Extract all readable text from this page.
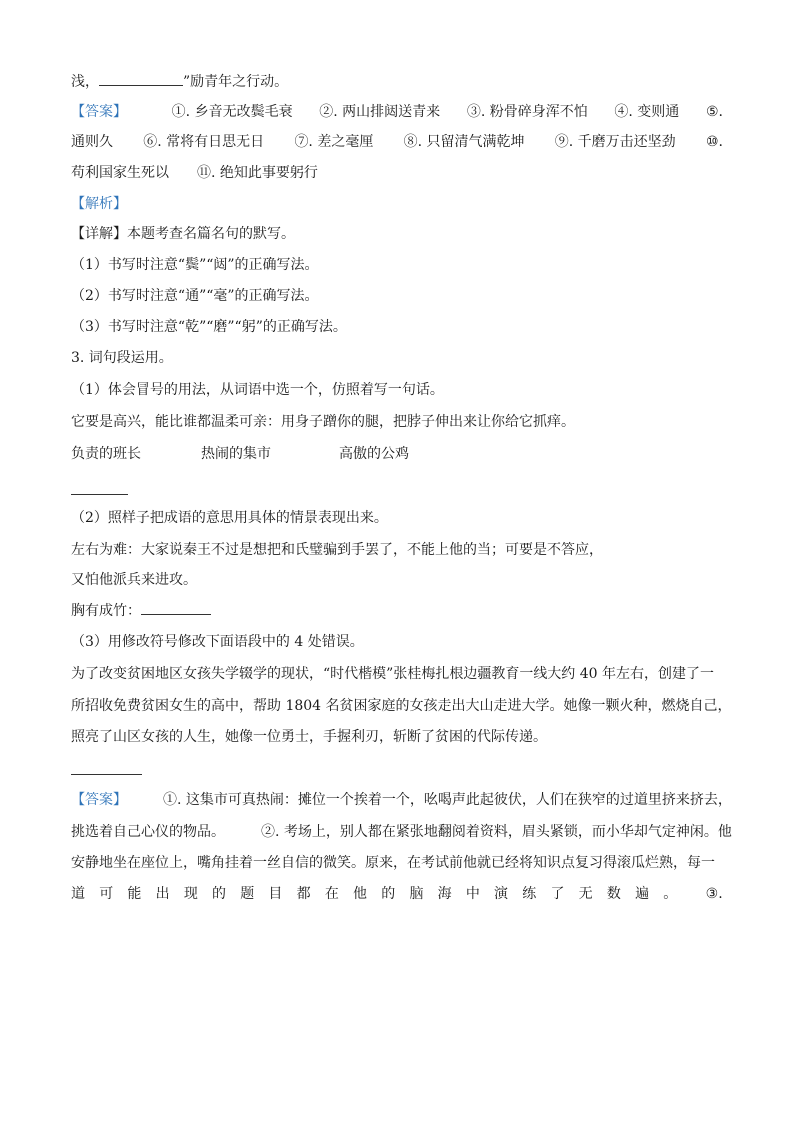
浅，	”励青年之行动。
【答案】	①. 乡音无改鬓毛衰 ②. 两山排闼送青来 ③. 粉骨碎身浑不怕 ④. 变则通 ⑤.
通则久 ⑥. 常将有日思无日 ⑦. 差之毫厘 ⑧. 只留清气满乾坤 ⑨. 千磨万击还坚劲 ⑩.
苟利国家生死以 ⑪. 绝知此事要躬行
【解析】
【详解】本题考查名篇名句的默写。
（1）书写时注意“鬓”“闼”的正确写法。
（2）书写时注意“通”“毫”的正确写法。
（3）书写时注意“乾”“磨”“躬”的正确写法。
3. 词句段运用。
（1）体会冒号的用法，从词语中选一个，仿照着写一句话。
它要是高兴，能比谁都温柔可亲：用身子蹭你的腿，把脖子伸出来让你给它抓痒。
负责的班长	热闹的集市	高傲的公鸡
（2）照样子把成语的意思用具体的情景表现出来。
左右为难：大家说秦王不过是想把和氏璧骗到手罢了，不能上他的当；可要是不答应，
又怕他派兵来进攻。
胸有成竹：
（3）用修改符号修改下面语段中的 4 处错误。
为了改变贫困地区女孩失学辍学的现状，“时代楷模”张桂梅扎根边疆教育一线大约 40 年左右，创建了一
所招收免费贫困女生的高中，帮助 1804 名贫困家庭的女孩走出大山走进大学。她像一颗火种，燃烧自己，
照亮了山区女孩的人生，她像一位勇士，手握利刃，斩断了贫困的代际传递。
【答案】	①. 这集市可真热闹：摊位一个挨着一个，吆喝声此起彼伏，人们在狭窄的过道里挤来挤去，
挑选着自己心仪的物品。	②. 考场上，别人都在紧张地翻阅着资料，眉头紧锁，而小华却气定神闲。他
安静地坐在座位上，嘴角挂着一丝自信的微笑。原来，在考试前他就已经将知识点复习得滚瓜烂熟，每一
道 可 能 出 现 的 题 目 都 在 他 的 脑 海 中 演 练 了 无 数 遍 。 ③.
